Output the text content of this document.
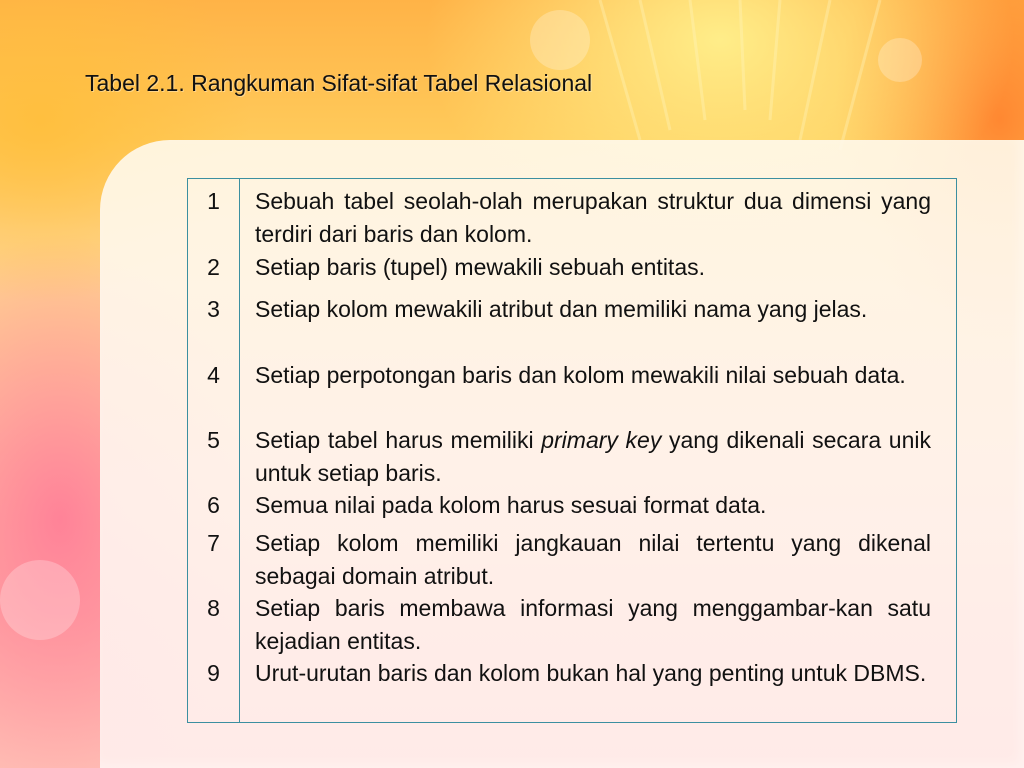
Tabel 2.1. Rangkuman Sifat-sifat Tabel Relasional
1	Sebuah tabel seolah-olah merupakan struktur dua dimensi yang terdiri dari baris dan kolom.
2	Setiap baris (tupel) mewakili sebuah entitas.
3	Setiap kolom mewakili atribut dan memiliki nama yang jelas.
4	Setiap perpotongan baris dan kolom mewakili nilai sebuah data.
5	Setiap tabel harus memiliki primary key yang dikenali secara unik untuk setiap baris.
6	Semua nilai pada kolom harus sesuai format data.
7	Setiap kolom memiliki jangkauan nilai tertentu yang dikenal sebagai domain atribut.
8	Setiap baris membawa informasi yang menggambar-kan satu kejadian entitas.
9	Urut-urutan baris dan kolom bukan hal yang penting untuk DBMS.
